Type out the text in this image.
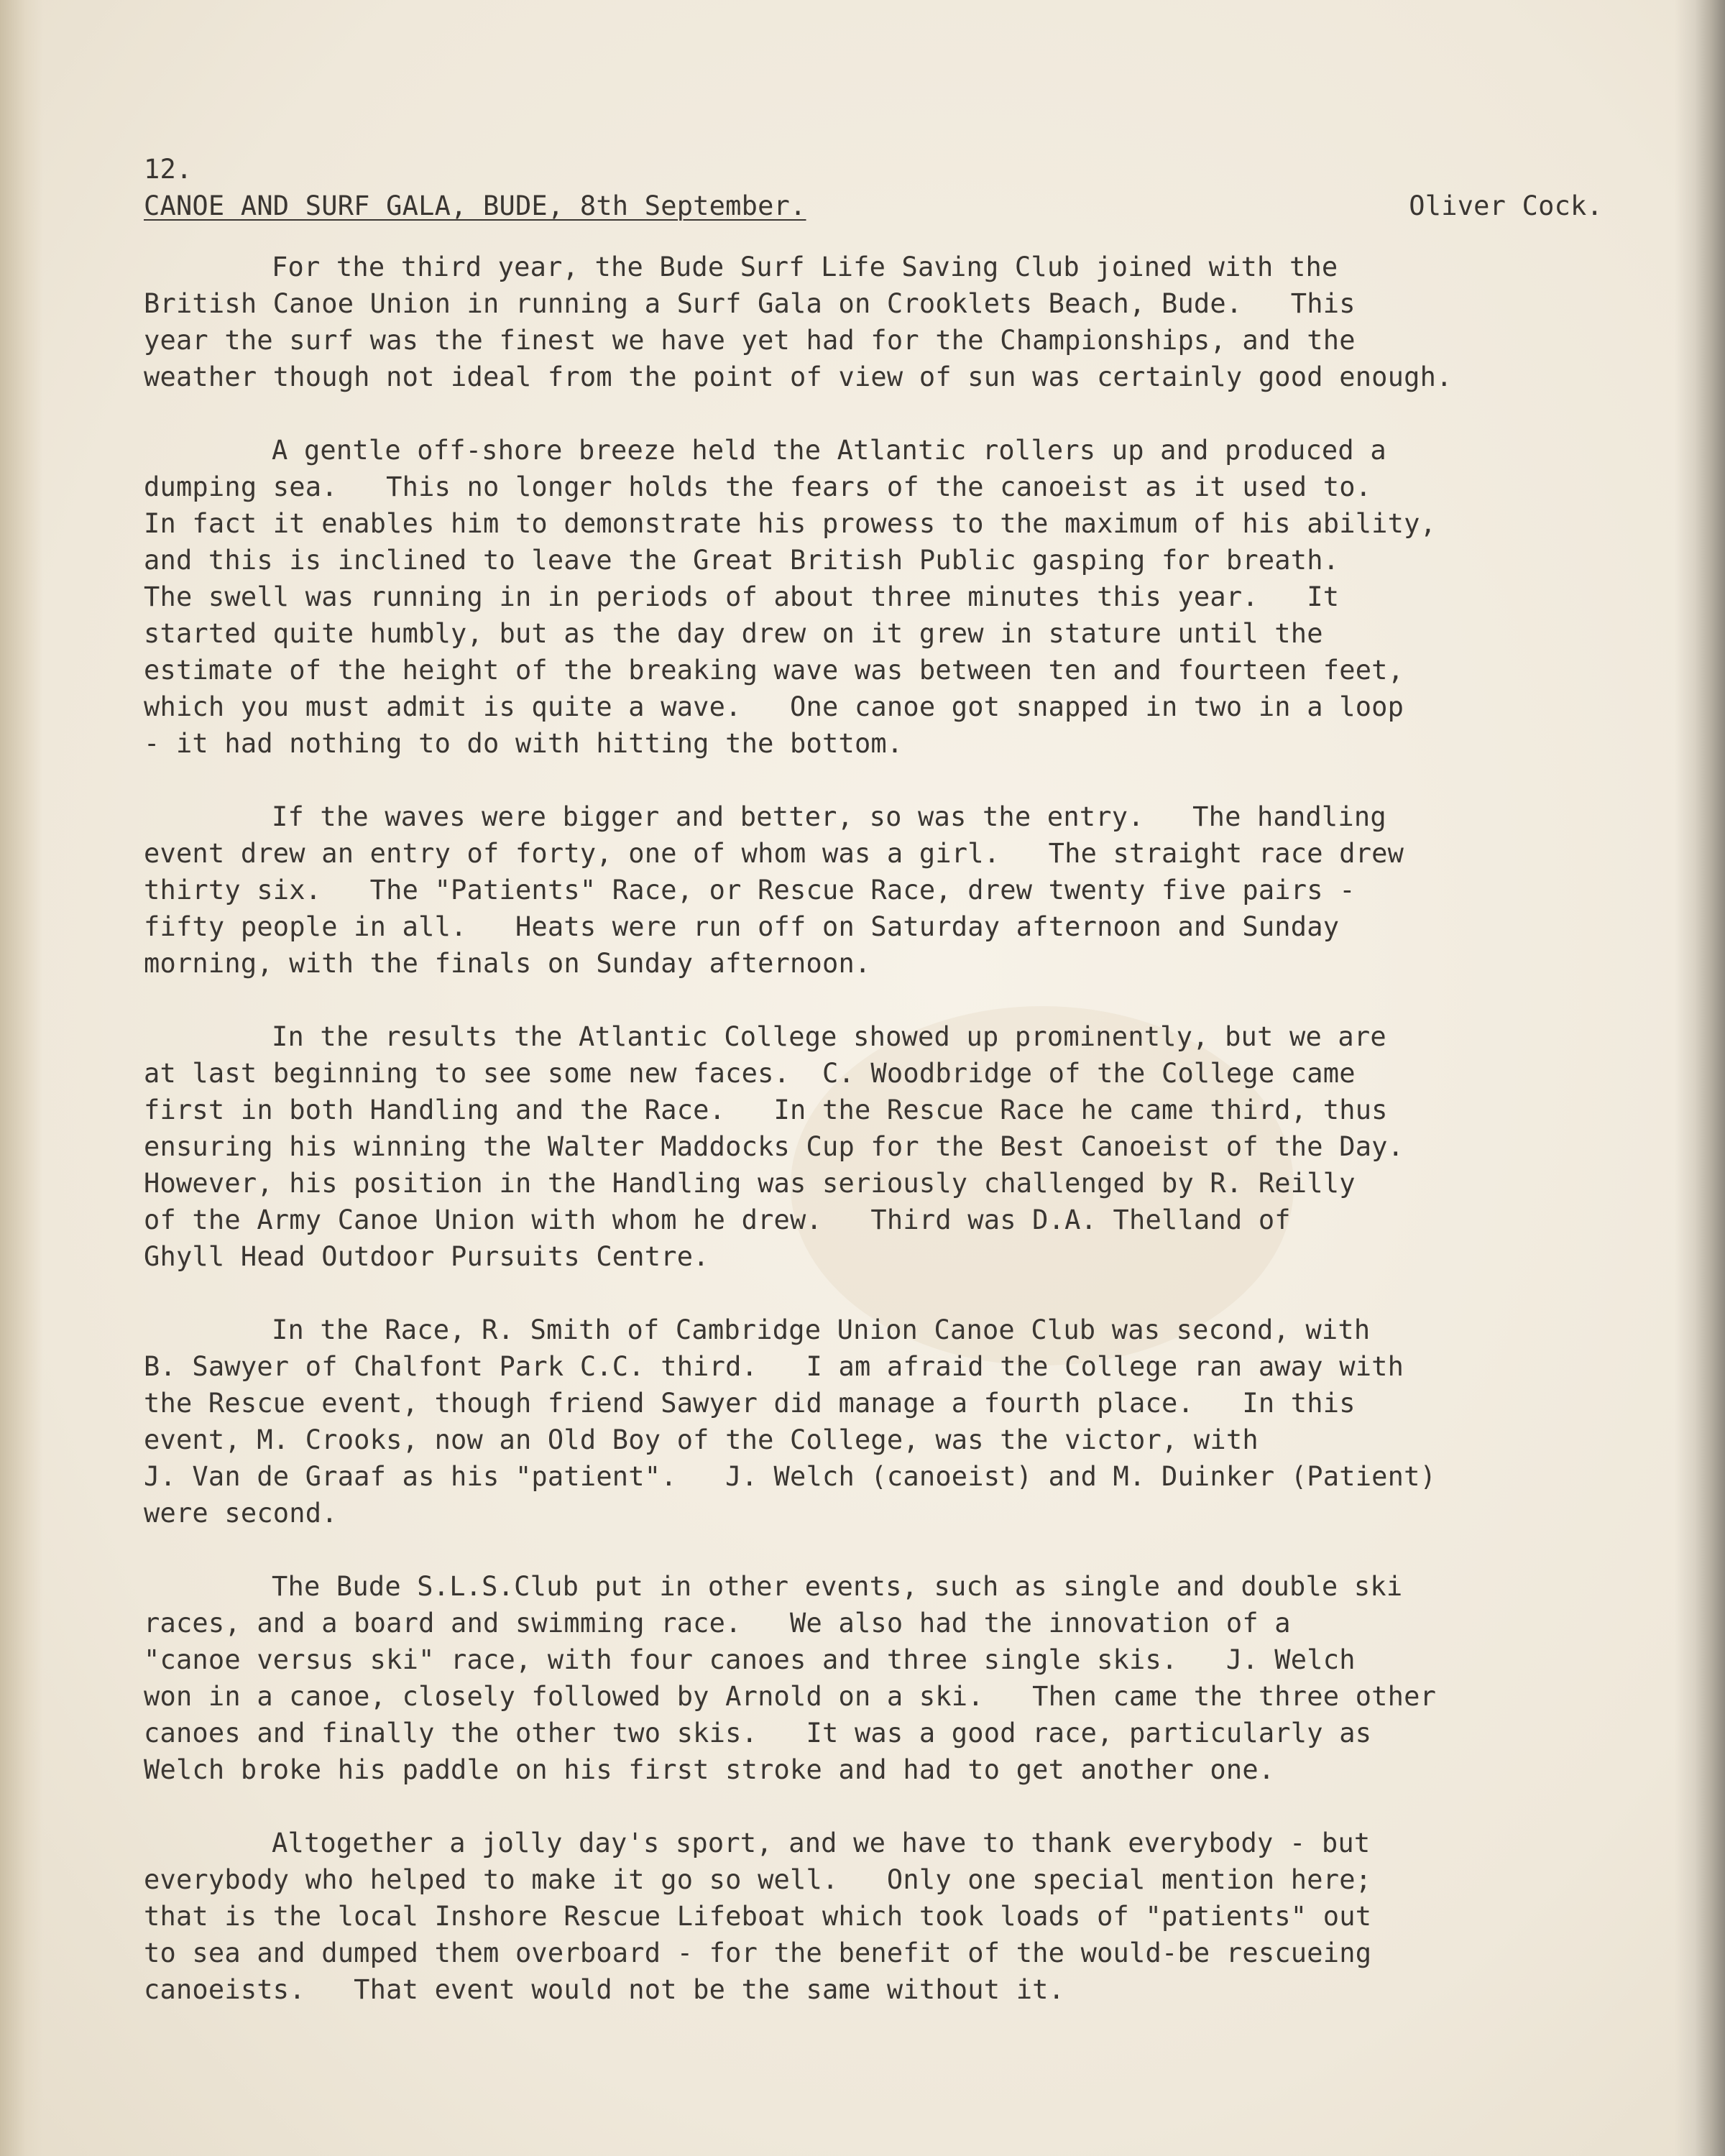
12.

CANOE AND SURF GALA, BUDE, 8th September.	Oliver Cock.
For the third year, the Bude Surf Life Saving Club joined with the
British Canoe Union in running a Surf Gala on Crooklets Beach, Bude.   This
year the surf was the finest we have yet had for the Championships, and the
weather though not ideal from the point of view of sun was certainly good enough.
A gentle off-shore breeze held the Atlantic rollers up and produced a
dumping sea.   This no longer holds the fears of the canoeist as it used to.
In fact it enables him to demonstrate his prowess to the maximum of his ability,
and this is inclined to leave the Great British Public gasping for breath.
The swell was running in in periods of about three minutes this year.   It
started quite humbly, but as the day drew on it grew in stature until the
estimate of the height of the breaking wave was between ten and fourteen feet,
which you must admit is quite a wave.   One canoe got snapped in two in a loop
- it had nothing to do with hitting the bottom.
If the waves were bigger and better, so was the entry.   The handling
event drew an entry of forty, one of whom was a girl.   The straight race drew
thirty six.   The "Patients" Race, or Rescue Race, drew twenty five pairs -
fifty people in all.   Heats were run off on Saturday afternoon and Sunday
morning, with the finals on Sunday afternoon.
In the results the Atlantic College showed up prominently, but we are
at last beginning to see some new faces.  C. Woodbridge of the College came
first in both Handling and the Race.   In the Rescue Race he came third, thus
ensuring his winning the Walter Maddocks Cup for the Best Canoeist of the Day.
However, his position in the Handling was seriously challenged by R. Reilly
of the Army Canoe Union with whom he drew.   Third was D.A. Thelland of
Ghyll Head Outdoor Pursuits Centre.
In the Race, R. Smith of Cambridge Union Canoe Club was second, with
B. Sawyer of Chalfont Park C.C. third.   I am afraid the College ran away with
the Rescue event, though friend Sawyer did manage a fourth place.   In this
event, M. Crooks, now an Old Boy of the College, was the victor, with
J. Van de Graaf as his "patient".   J. Welch (canoeist) and M. Duinker (Patient)
were second.
The Bude S.L.S.Club put in other events, such as single and double ski
races, and a board and swimming race.   We also had the innovation of a
"canoe versus ski" race, with four canoes and three single skis.   J. Welch
won in a canoe, closely followed by Arnold on a ski.   Then came the three other
canoes and finally the other two skis.   It was a good race, particularly as
Welch broke his paddle on his first stroke and had to get another one.
Altogether a jolly day's sport, and we have to thank everybody - but
everybody who helped to make it go so well.   Only one special mention here;
that is the local Inshore Rescue Lifeboat which took loads of "patients" out
to sea and dumped them overboard - for the benefit of the would-be rescueing
canoeists.   That event would not be the same without it.
